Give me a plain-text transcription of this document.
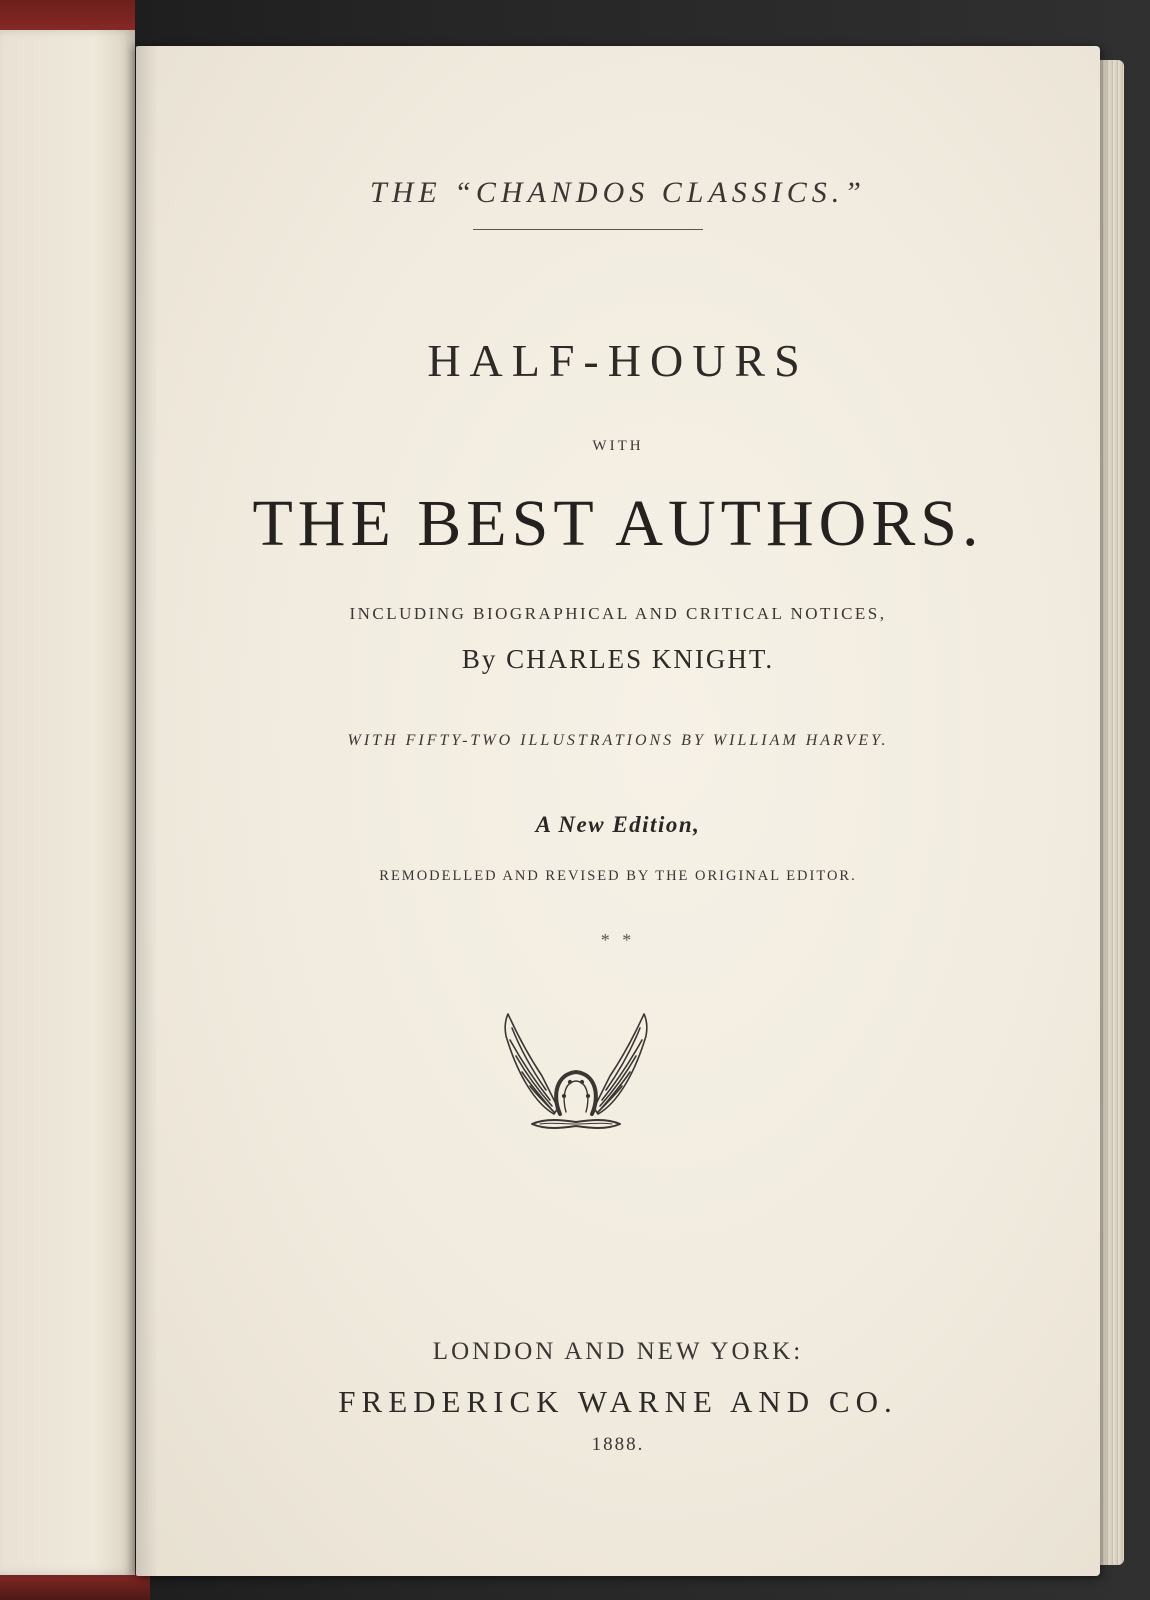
THE “CHANDOS CLASSICS.”
HALF-HOURS
WITH
THE BEST AUTHORS.
INCLUDING BIOGRAPHICAL AND CRITICAL NOTICES,
By CHARLES KNIGHT.
WITH FIFTY-TWO ILLUSTRATIONS BY WILLIAM HARVEY.
A New Edition,
REMODELLED AND REVISED BY THE ORIGINAL EDITOR.
* *
LONDON AND NEW YORK:
FREDERICK WARNE AND CO.
1888.
